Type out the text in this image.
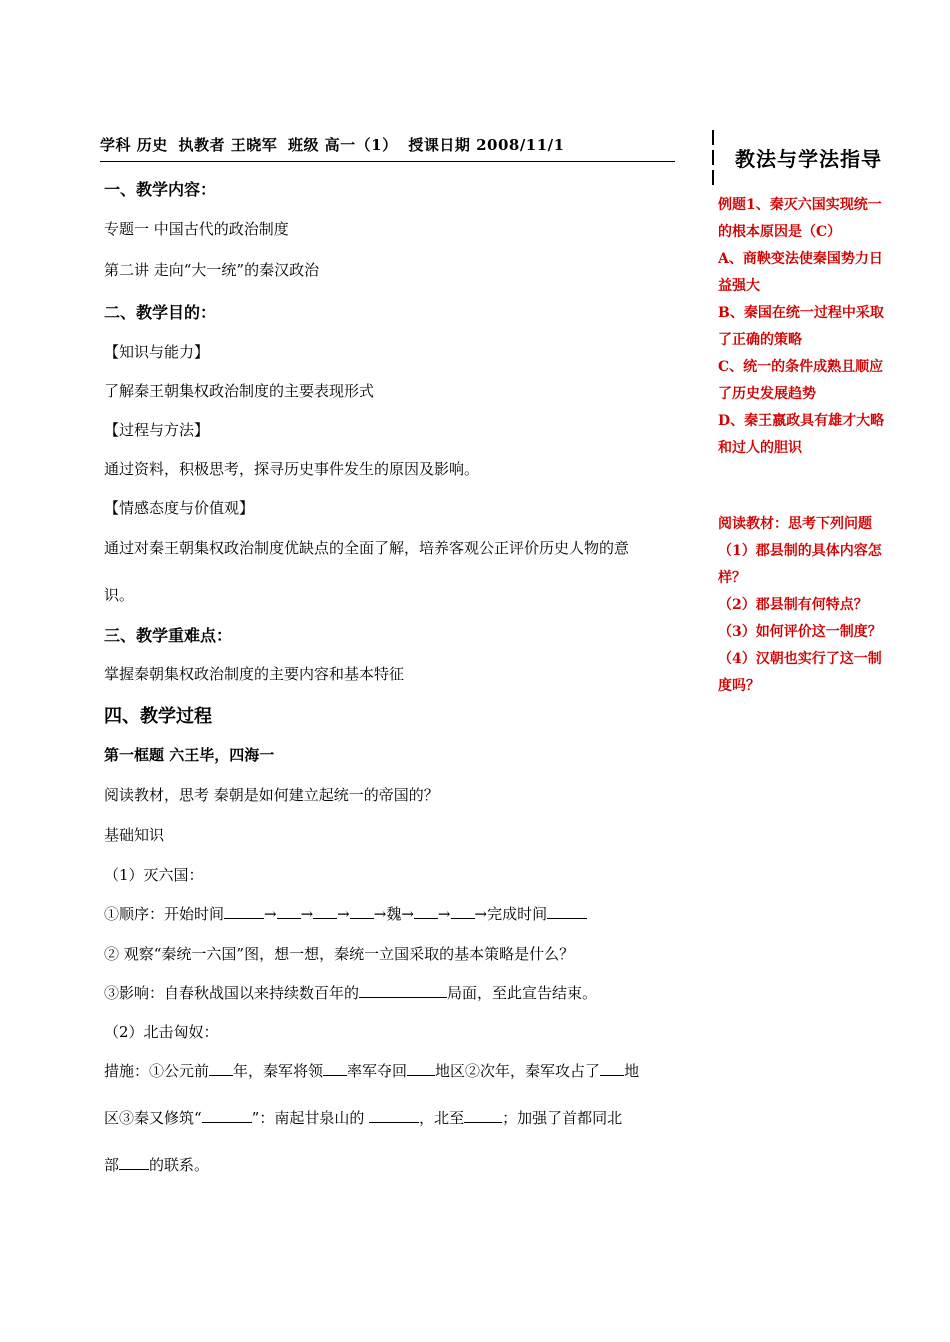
学科 历史 执教者 王晓军 班级 高一（1） 授课日期 2008/11/1
教法与学法指导
一、教学内容：
专题一 中国古代的政治制度
第二讲 走向“大一统”的秦汉政治
二、教学目的：
【知识与能力】
了解秦王朝集权政治制度的主要表现形式
【过程与方法】
通过资料，积极思考，探寻历史事件发生的原因及影响。
【情感态度与价值观】
通过对秦王朝集权政治制度优缺点的全面了解，培养客观公正评价历史人物的意
识。
三、教学重难点：
掌握秦朝集权政治制度的主要内容和基本特征
四、教学过程
第一框题 六王毕，四海一
阅读教材，思考 秦朝是如何建立起统一的帝国的？
基础知识
（1）灭六国：
①顺序：开始时间	→ → → →魏→ → →完成时间
② 观察“秦统一六国”图，想一想，秦统一立国采取的基本策略是什么？
③影响：自春秋战国以来持续数百年的	局面，至此宣告结束。
（2）北击匈奴：
措施：①公元前 年，秦军将领 率军夺回 地区②次年，秦军攻占了 地
区③秦又修筑“	”：南起甘泉山的	，北至	；加强了首都同北
部 的联系。
例题1、秦灭六国实现统一
的根本原因是（C）
A、商鞅变法使秦国势力日
益强大
B、秦国在统一过程中采取
了正确的策略
C、统一的条件成熟且顺应
了历史发展趋势
D、秦王嬴政具有雄才大略
和过人的胆识
阅读教材：思考下列问题
（1）郡县制的具体内容怎
样？
（2）郡县制有何特点？
（3）如何评价这一制度？
（4）汉朝也实行了这一制
度吗？
